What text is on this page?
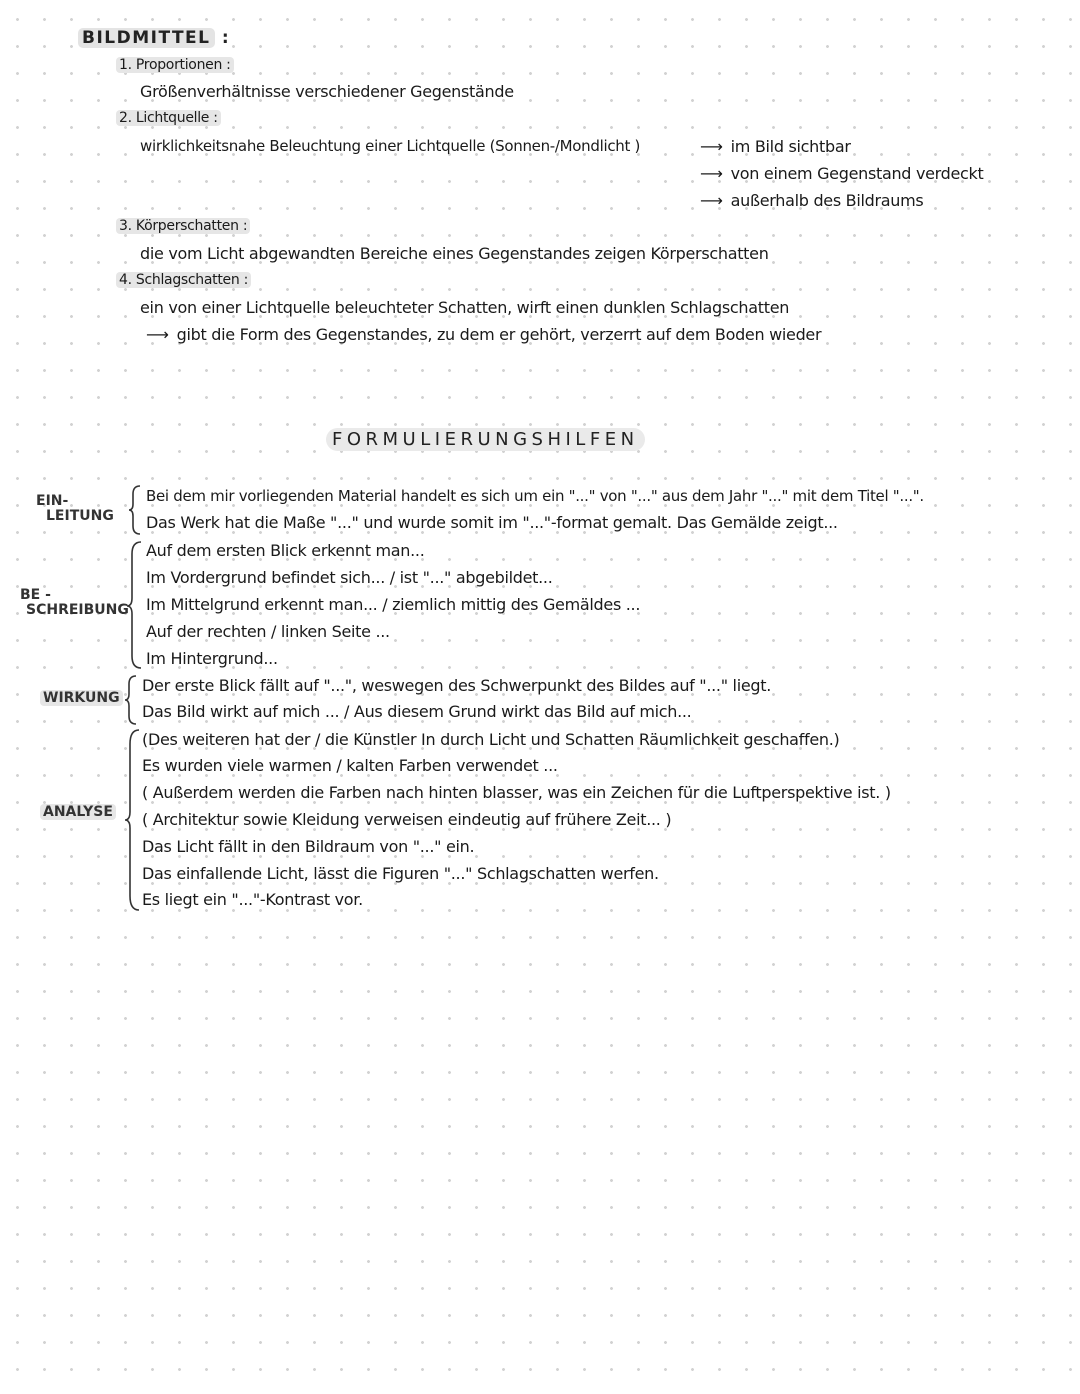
BILDMITTEL :
1. Proportionen :
Größenverhältnisse verschiedener Gegenstände
2. Lichtquelle :
wirklichkeitsnahe Beleuchtung einer Lichtquelle (Sonnen-/Mondlicht )	⟶ im Bild sichtbar
⟶ von einem Gegenstand verdeckt
⟶ außerhalb des Bildraums
3. Körperschatten :
die vom Licht abgewandten Bereiche eines Gegenstandes zeigen Körperschatten
4. Schlagschatten :
ein von einer Lichtquelle beleuchteter Schatten, wirft einen dunklen Schlagschatten
⟶ gibt die Form des Gegenstandes, zu dem er gehört, verzerrt auf dem Boden wieder
FORMULIERUNGSHILFEN
EIN-
LEITUNG
Bei dem mir vorliegenden Material handelt es sich um ein "..." von "..." aus dem Jahr "..." mit dem Titel "...".
Das Werk hat die Maße "..." und wurde somit im "..."-format gemalt. Das Gemälde zeigt...
BE -
SCHREIBUNG
Auf dem ersten Blick erkennt man...
Im Vordergrund befindet sich... / ist "..." abgebildet...
Im Mittelgrund erkennt man... / ziemlich mittig des Gemäldes ...
Auf der rechten / linken Seite ...
Im Hintergrund...
WIRKUNG
Der erste Blick fällt auf "...", weswegen des Schwerpunkt des Bildes auf "..." liegt.
Das Bild wirkt auf mich ... / Aus diesem Grund wirkt das Bild auf mich...
ANALYSE
(Des weiteren hat der / die Künstler In durch Licht und Schatten Räumlichkeit geschaffen.)
Es wurden viele warmen / kalten Farben verwendet ...
( Außerdem werden die Farben nach hinten blasser, was ein Zeichen für die Luftperspektive ist. )
( Architektur sowie Kleidung verweisen eindeutig auf frühere Zeit... )
Das Licht fällt in den Bildraum von "..." ein.
Das einfallende Licht, lässt die Figuren "..." Schlagschatten werfen.
Es liegt ein "..."-Kontrast vor.
